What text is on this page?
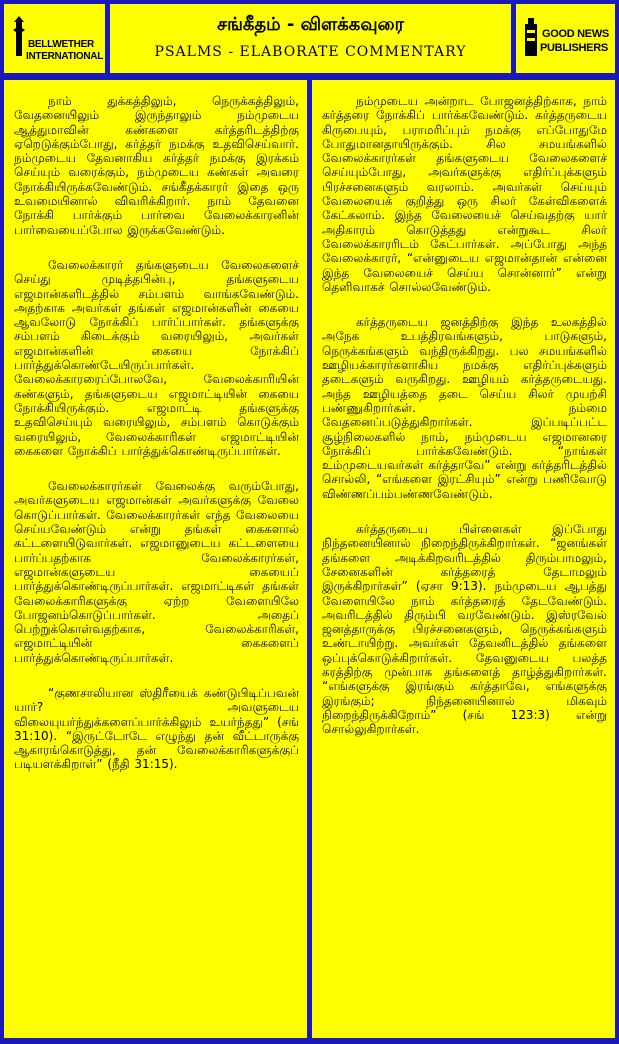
BELLWETHER
INTERNATIONAL
சங்கீதம் - விளக்கவுரை
PSALMS - ELABORATE COMMENTARY
GOOD NEWS
PUBLISHERS

நாம் துக்கத்திலும், நெருக்கத்திலும், வேதனையிலும் இருந்தாலும் நம்முடைய ஆத்துமாவின் கண்களை கர்த்தரிடத்திற்கு ஏறெடுக்கும்போது, கர்த்தர் நமக்கு உதவிசெய்வார். நம்முடைய தேவனாகிய கர்த்தர் நமக்கு இரக்கம் செய்யும் வரைக்கும், நம்முடைய கண்கள் அவரை நோக்கியிருக்கவேண்டும். சங்கீதக்காரர் இதை ஒரு உவமையினால் விவரிக்கிறார். நாம் தேவனை நோக்கி பார்க்கும் பார்வை வேலைக்காரனின் பார்வையைப்போல இருக்கவேண்டும்.

வேலைக்காரர் தங்களுடைய வேலைகளைச் செய்து முடித்தபின்பு, தங்களுடைய எஜமான்களிடத்தில் சம்பளம் வாங்கவேண்டும். அதற்காக அவர்கள் தங்கள் எஜமான்களின் கையை ஆவலோடு நோக்கிப் பார்ப்பார்கள். தங்களுக்கு சம்பளம் கிடைக்கும் வரையிலும், அவர்கள் எஜமான்களின் கையை நோக்கிப் பார்த்துக்கொண்டேயிருப்பார்கள். வேலைக்காரரைப்போலவே, வேலைக்காரியின் கண்களும், தங்களுடைய எஜமாட்டியின் கையை நோக்கியிருக்கும். எஜமாட்டி தங்களுக்கு உதவிசெய்யும் வரையிலும், சம்பளம் கொடுக்கும் வரையிலும், வேலைக்காரிகள் எஜமாட்டியின் கைகளை நோக்கிப் பார்த்துக்கொண்டிருப்பார்கள்.

வேலைக்காரர்கள் வேலைக்கு வரும்போது, அவர்களுடைய எஜமான்கள் அவர்களுக்கு வேலை கொடுப்பார்கள். வேலைக்காரர்கள் எந்த வேலையை செய்யவேண்டும் என்று தங்கள் கைகளால் கட்டளையிடுவார்கள். எஜமானுடைய கட்டளையை பார்ப்பதற்காக வேலைக்காரர்கள், எஜமான்களுடைய கையைப் பார்த்துக்கொண்டிருப்பார்கள். எஜமாட்டிகள் தங்கள் வேலைக்காரிகளுக்கு ஏற்ற வேளையிலே போஜனம்கொடுப்பார்கள். அதைப் பெற்றுக்கொள்வதற்காக, வேலைக்காரிகள், எஜமாட்டியின் கைகளைப் பார்த்துக்கொண்டிருப்பார்கள்.

“குணசாலியான ஸ்திரீயைக் கண்டுபிடிப்பவன் யார்? அவளுடைய விலையுயர்ந்துக்களைப்பார்க்கிலும் உயர்ந்தது” (சங் 31:10). “இருட்டோடே எழுந்து தன் வீட்டாருக்கு ஆகாரங்கொடுத்து, தன் வேலைக்காரிகளுக்குப் படியளக்கிறாள்” (நீதி 31:15).

நம்முடைய அன்றாட போஜனத்திற்காக, நாம் கர்த்தரை நோக்கிப் பார்க்கவேண்டும். கர்த்தருடைய கிருபையும், பராமரிப்பும் நமக்கு எப்போதுமே போதுமானதாயிருக்கும். சில சமயங்களில் வேலைக்காரர்கள் தங்களுடைய வேலைகளைச் செய்யும்போது, அவர்களுக்கு எதிர்ப்புக்களும் பிரச்சனைகளும் வரலாம். அவர்கள் செய்யும் வேலையைக் குறித்து ஒரு சிலர் கேள்விகளைக் கேட்கலாம். இந்த வேலையைச் செய்வதற்கு யார் அதிகாரம் கொடுத்தது என்றுகூட சிலர் வேலைக்காரரிடம் கேட்பார்கள். அப்போது அந்த வேலைக்காரர், “என்னுடைய எஜமான்தான் என்னை இந்த வேலையைச் செய்ய சொன்னார்” என்று தெளிவாகச் சொல்லவேண்டும்.

கர்த்தருடைய ஜனத்திற்கு இந்த உலகத்தில் அநேக உபத்திரவங்களும், பாடுகளும், நெருக்கங்களும் வந்திருக்கிறது. பல சமயங்களில் ஊழியக்காரர்களாகிய நமக்கு எதிர்ப்புக்களும் தடைகளும் வருகிறது. ஊழியம் கர்த்தருடையது. அந்த ஊழியத்தை தடை செய்ய சிலர் முயற்சி பண்ணுகிறார்கள். நம்மை வேதனைப்படுத்துகிறார்கள். இப்படிப்பட்ட சூழ்நிலைகளில் நாம், நம்முடைய எஜமானரை நோக்கிப் பார்க்கவேண்டும். “நாங்கள் உம்முடையவர்கள் கர்த்தாவே” என்று கர்த்தரிடத்தில் சொல்லி, “எங்களை இரட்சியும்” என்று பணிவோடு விண்ணப்பம்பண்ணவேண்டும்.

கர்த்தருடைய பிள்ளைகள் இப்போது நிந்தனையினால் நிறைந்திருக்கிறார்கள். “ஜனங்கள் தங்களை அடிக்கிறவரிடத்தில் திரும்பாமலும், சேனைகளின் கர்த்தரைத் தேடாமலும் இருக்கிறார்கள்” (ஏசா 9:13). நம்முடைய ஆபத்து வேளையிலே நாம் கர்த்தரைத் தேடவேண்டும். அவரிடத்தில் திரும்பி வரவேண்டும். இஸ்ரவேல் ஜனத்தாருக்கு பிரச்சனைகளும், நெருக்கங்களும் உண்டாயிற்று. அவர்கள் தேவனிடத்தில் தங்களை ஒப்புக்கொடுக்கிறார்கள். தேவனுடைய பலத்த கரத்திற்கு முன்பாக தங்களைத் தாழ்த்துகிறார்கள். “எங்களுக்கு இரங்கும் கர்த்தாவே, எங்களுக்கு இரங்கும்; நிந்தனையினால் மிகவும் நிறைந்திருக்கிறோம்” (சங் 123:3) என்று சொல்லுகிறார்கள்.
